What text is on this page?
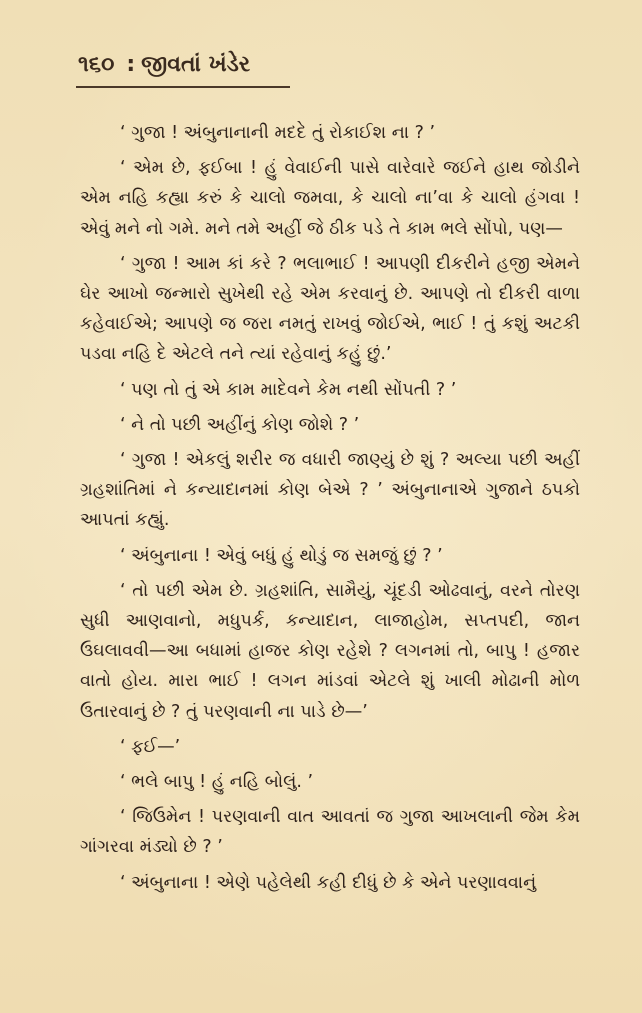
૧૬૦ : જીવતાં ખંડેર

‘ ગુજા ! અંબુનાનાની મદદે તું રોકાઈશ ના ? ’

‘ એમ છે, ફઈબા ! હું વેવાઈની પાસે વારેવારે જઈને હાથ જોડીને એમ નહિ કહ્યા કરું કે ચાલો જમવા, કે ચાલો ના’વા કે ચાલો હંગવા ! એવું મને નો ગમે. મને તમે અહીં જે ઠીક પડે તે કામ ભલે સોંપો, પણ—

‘ ગુજા ! આમ કાં કરે ? ભલાભાઈ ! આપણી દીકરીને હજી એમને ઘેર આખો જન્મારો સુખેથી રહે એમ કરવાનું છે. આપણે તો દીકરી વાળા કહેવાઈએ; આપણે જ જરા નમતું રાખવું જોઈએ, ભાઈ ! તું કશું અટકી પડવા નહિ દે એટલે તને ત્યાં રહેવાનું કહું છું.’

‘ પણ તો તું એ કામ માદેવને કેમ નથી સોંપતી ? ’

‘ ને તો પછી અહીંનું કોણ જોશે ? ’

‘ ગુજા ! એકલું શરીર જ વધારી જાણ્યું છે શું ? અલ્યા પછી અહીં ગ્રહશાંતિમાં ને કન્યાદાનમાં કોણ બેએ ? ’ અંબુનાનાએ ગુજાને ઠપકો આપતાં કહ્યું.

‘ અંબુનાના ! એવું બધું હું થોડું જ સમજું છું ? ’

‘ તો પછી એમ છે. ગ્રહશાંતિ, સામૈયું, ચૂંદડી ઓઢવાનું, વરને તોરણ સુધી આણવાનો, મધુપર્ક, કન્યાદાન, લાજાહોમ, સપ્તપદી, જાન ઉઘલાવવી—આ બધામાં હાજર કોણ રહેશે ? લગનમાં તો, બાપુ ! હજાર વાતો હોય. મારા ભાઈ ! લગન માંડવાં એટલે શું ખાલી મોઢાની મોળ ઉતારવાનું છે ? તું પરણવાની ના પાડે છે—’

‘ ફઈ—’

‘ ભલે બાપુ ! હું નહિ બોલું. ’

‘ જિઉમેન ! પરણવાની વાત આવતાં જ ગુજા આખલાની જેમ કેમ ગાંગરવા મંડ્યો છે ? ’

‘ અંબુનાના ! એણે પહેલેથી કહી દીધું છે કે એને પરણાવવાનું
